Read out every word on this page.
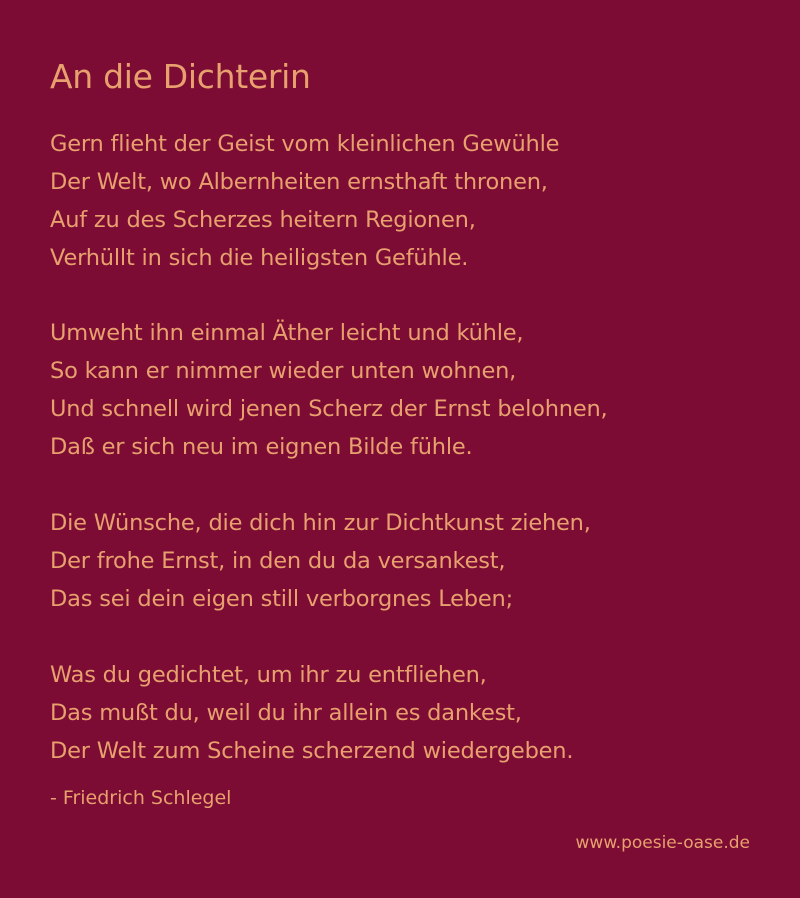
An die Dichterin
Gern flieht der Geist vom kleinlichen Gewühle
Der Welt, wo Albernheiten ernsthaft thronen,
Auf zu des Scherzes heitern Regionen,
Verhüllt in sich die heiligsten Gefühle.
Umweht ihn einmal Äther leicht und kühle,
So kann er nimmer wieder unten wohnen,
Und schnell wird jenen Scherz der Ernst belohnen,
Daß er sich neu im eignen Bilde fühle.
Die Wünsche, die dich hin zur Dichtkunst ziehen,
Der frohe Ernst, in den du da versankest,
Das sei dein eigen still verborgnes Leben;
Was du gedichtet, um ihr zu entfliehen,
Das mußt du, weil du ihr allein es dankest,
Der Welt zum Scheine scherzend wiedergeben.
- Friedrich Schlegel
www.poesie-oase.de
